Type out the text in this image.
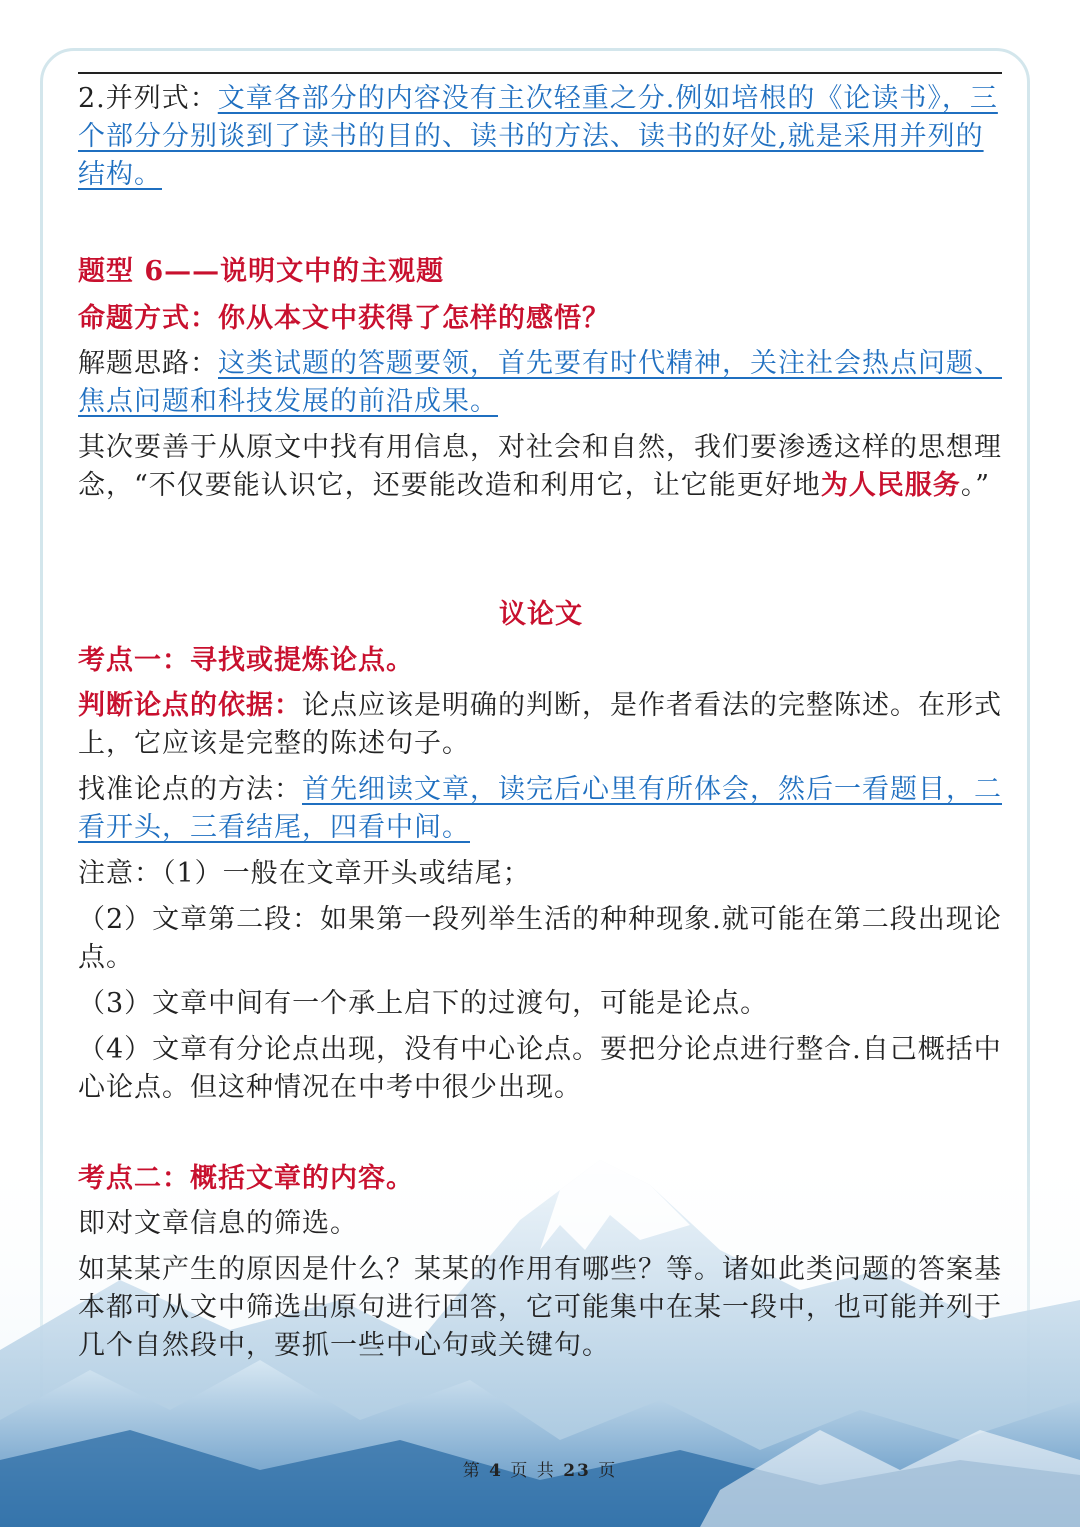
2.并列式：文章各部分的内容没有主次轻重之分.例如培根的《论读书》，三个部分分别谈到了读书的目的、读书的方法、读书的好处,就是采用并列的结构。

题型 6——说明文中的主观题

命题方式：你从本文中获得了怎样的感悟？

解题思路：这类试题的答题要领，首先要有时代精神，关注社会热点问题、焦点问题和科技发展的前沿成果。

其次要善于从原文中找有用信息，对社会和自然，我们要渗透这样的思想理念，“不仅要能认识它，还要能改造和利用它，让它能更好地为人民服务。”

议论文

考点一：寻找或提炼论点。

判断论点的依据：论点应该是明确的判断，是作者看法的完整陈述。在形式上，它应该是完整的陈述句子。

找准论点的方法：首先细读文章，读完后心里有所体会，然后一看题目，二看开头，三看结尾，四看中间。

注意：（1）一般在文章开头或结尾；

（2）文章第二段：如果第一段列举生活的种种现象.就可能在第二段出现论点。

（3）文章中间有一个承上启下的过渡句，可能是论点。

（4）文章有分论点出现，没有中心论点。要把分论点进行整合.自己概括中心论点。但这种情况在中考中很少出现。

考点二：概括文章的内容。

即对文章信息的筛选。

如某某产生的原因是什么？某某的作用有哪些？等。诸如此类问题的答案基本都可从文中筛选出原句进行回答，它可能集中在某一段中，也可能并列于几个自然段中，要抓一些中心句或关键句。

第 4 页 共 23 页
